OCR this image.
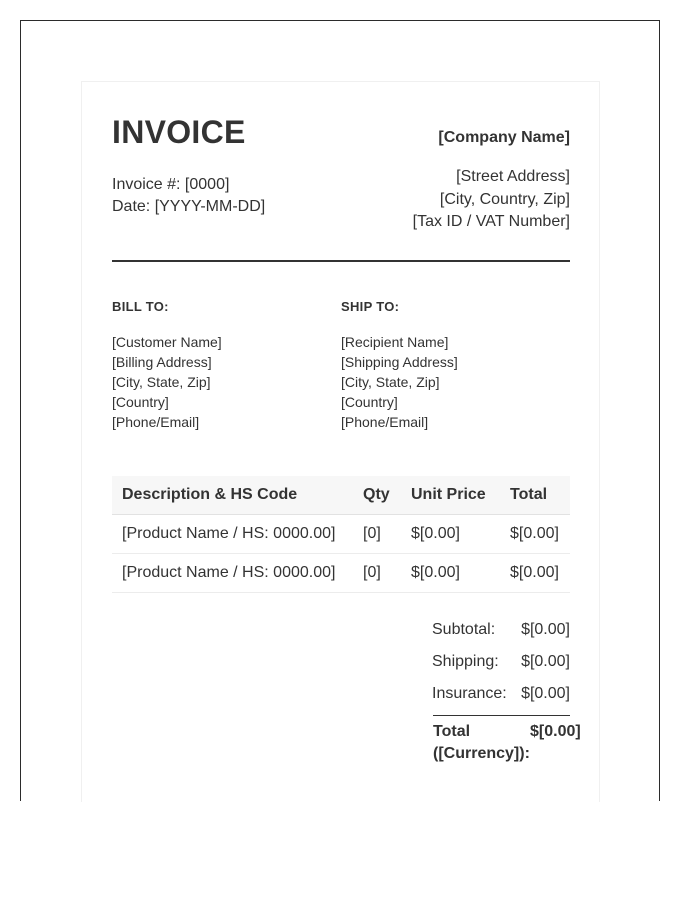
INVOICE
Invoice #: [0000]
Date: [YYYY-MM-DD]
[Company Name]
[Street Address]
[City, Country, Zip]
[Tax ID / VAT Number]
BILL TO:
[Customer Name]
[Billing Address]
[City, State, Zip]
[Country]
[Phone/Email]
SHIP TO:
[Recipient Name]
[Shipping Address]
[City, State, Zip]
[Country]
[Phone/Email]
Description & HS Code	Qty	Unit Price	Total
[Product Name / HS: 0000.00]	[0]	$[0.00]	$[0.00]
[Product Name / HS: 0000.00]	[0]	$[0.00]	$[0.00]
Subtotal: $[0.00]
Shipping: $[0.00]
Insurance: $[0.00]
Total
([Currency]):
$[0.00]
